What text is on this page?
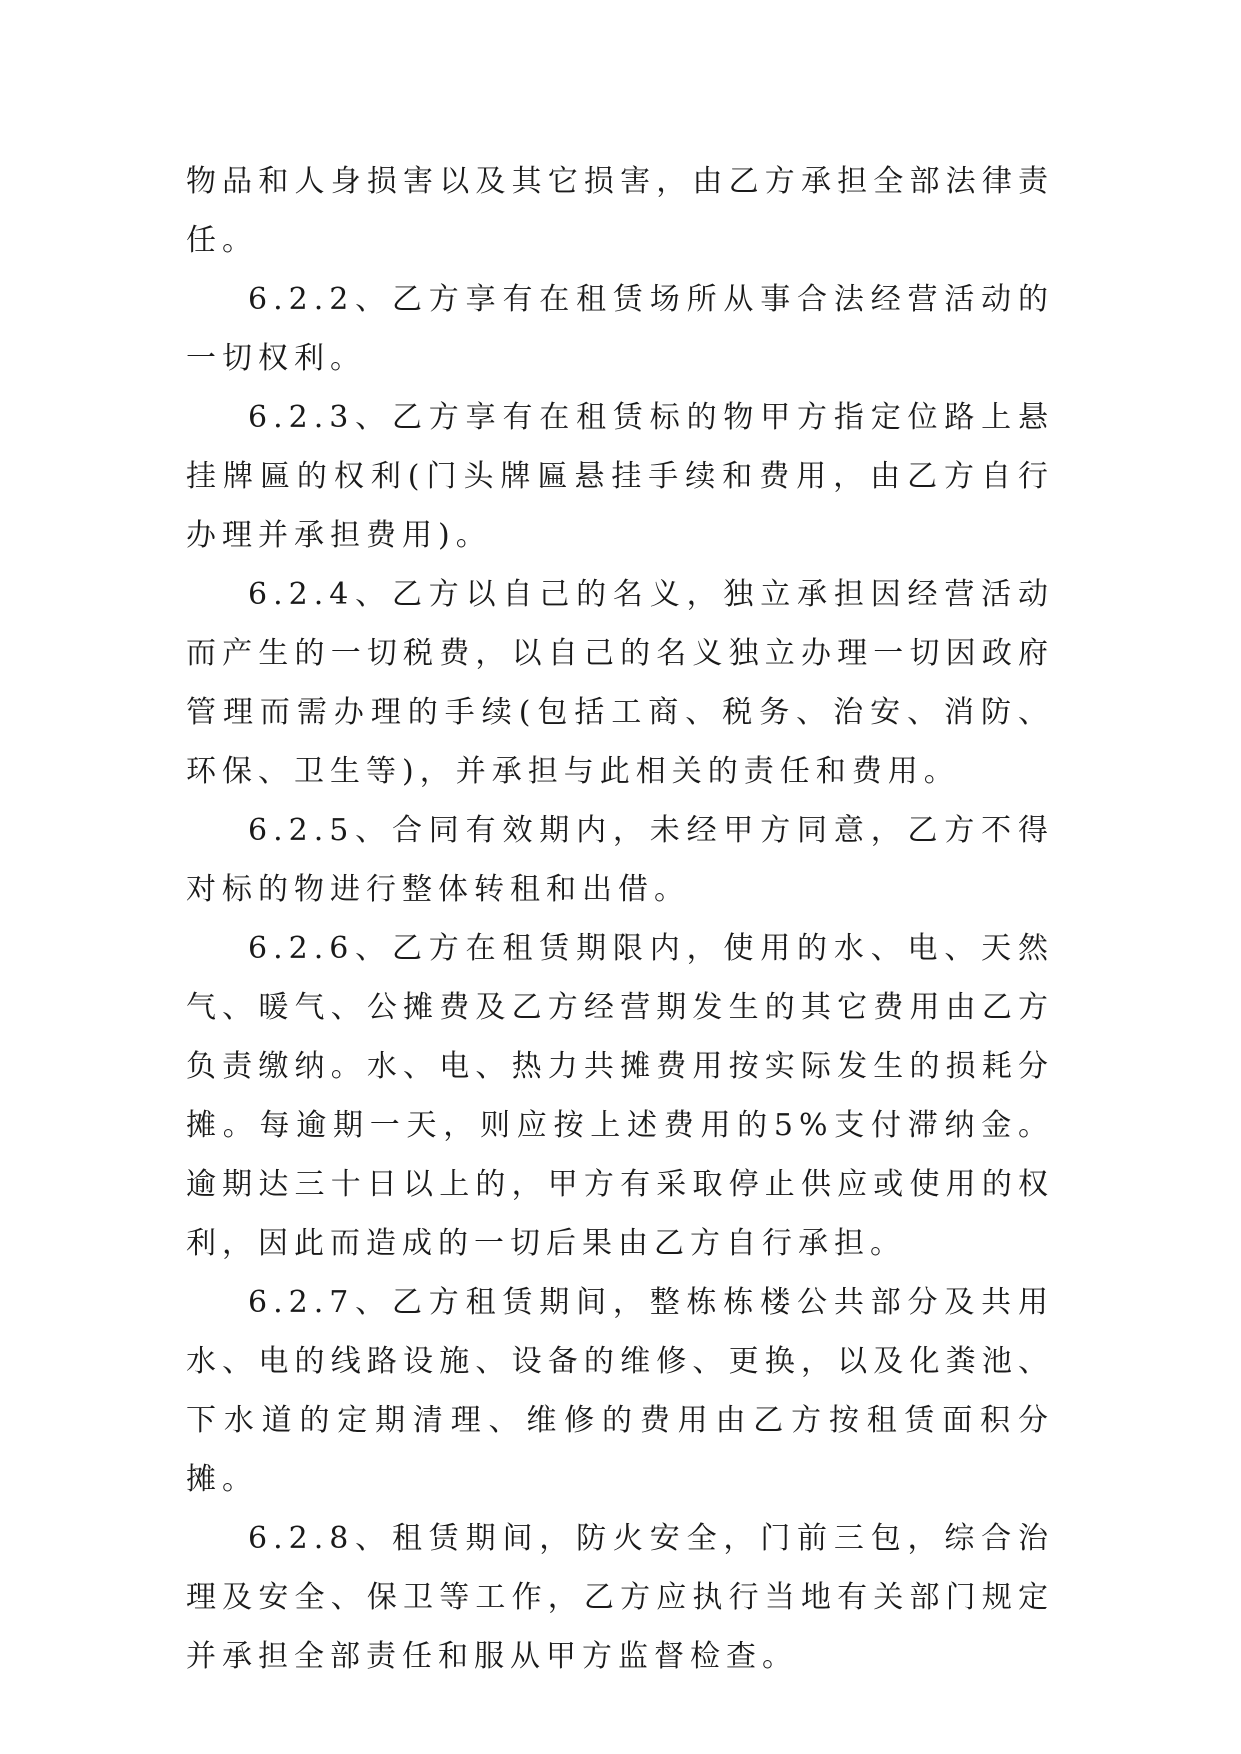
物品和人身损害以及其它损害，由乙方承担全部法律责任。

6.2.2、乙方享有在租赁场所从事合法经营活动的一切权利。

6.2.3、乙方享有在租赁标的物甲方指定位路上悬挂牌匾的权利(门头牌匾悬挂手续和费用，由乙方自行办理并承担费用)。

6.2.4、乙方以自己的名义，独立承担因经营活动而产生的一切税费，以自己的名义独立办理一切因政府管理而需办理的手续(包括工商、税务、治安、消防、环保、卫生等)，并承担与此相关的责任和费用。

6.2.5、合同有效期内，未经甲方同意，乙方不得对标的物进行整体转租和出借。

6.2.6、乙方在租赁期限内，使用的水、电、天然气、暖气、公摊费及乙方经营期发生的其它费用由乙方负责缴纳。水、电、热力共摊费用按实际发生的损耗分摊。每逾期一天，则应按上述费用的5%支付滞纳金。逾期达三十日以上的，甲方有采取停止供应或使用的权利，因此而造成的一切后果由乙方自行承担。

6.2.7、乙方租赁期间，整栋栋楼公共部分及共用水、电的线路设施、设备的维修、更换，以及化粪池、下水道的定期清理、维修的费用由乙方按租赁面积分摊。

6.2.8、租赁期间，防火安全，门前三包，综合治理及安全、保卫等工作，乙方应执行当地有关部门规定并承担全部责任和服从甲方监督检查。
